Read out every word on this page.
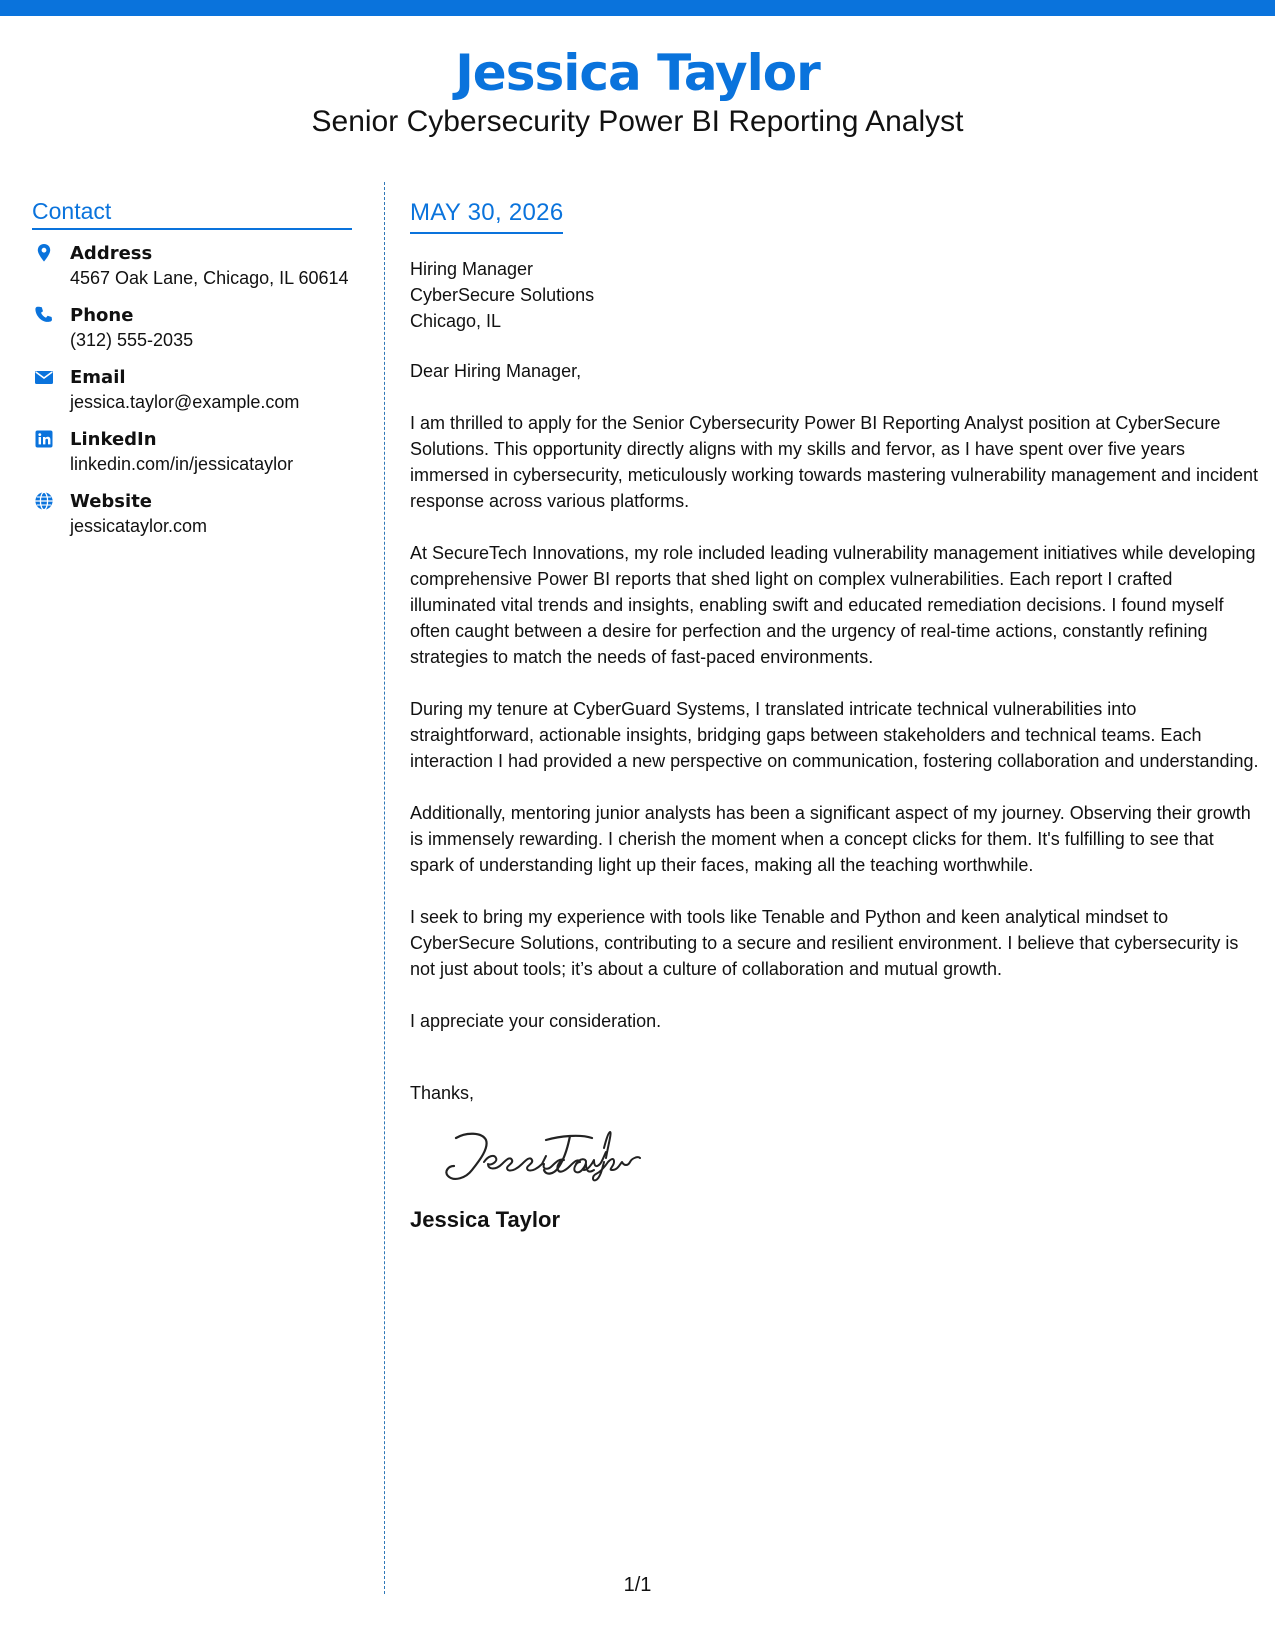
Jessica Taylor
Senior Cybersecurity Power BI Reporting Analyst
Contact
Address
4567 Oak Lane, Chicago, IL 60614
Phone
(312) 555-2035
Email
jessica.taylor@example.com
LinkedIn
linkedin.com/in/jessicataylor
Website
jessicataylor.com
MAY 30, 2026
Hiring Manager
CyberSecure Solutions
Chicago, IL
Dear Hiring Manager,
I am thrilled to apply for the Senior Cybersecurity Power BI Reporting Analyst position at CyberSecure Solutions. This opportunity directly aligns with my skills and fervor, as I have spent over five years immersed in cybersecurity, meticulously working towards mastering vulnerability management and incident response across various platforms.
At SecureTech Innovations, my role included leading vulnerability management initiatives while developing comprehensive Power BI reports that shed light on complex vulnerabilities. Each report I crafted illuminated vital trends and insights, enabling swift and educated remediation decisions. I found myself often caught between a desire for perfection and the urgency of real-time actions, constantly refining strategies to match the needs of fast-paced environments.
During my tenure at CyberGuard Systems, I translated intricate technical vulnerabilities into straightforward, actionable insights, bridging gaps between stakeholders and technical teams. Each interaction I had provided a new perspective on communication, fostering collaboration and understanding.
Additionally, mentoring junior analysts has been a significant aspect of my journey. Observing their growth is immensely rewarding. I cherish the moment when a concept clicks for them. It's fulfilling to see that spark of understanding light up their faces, making all the teaching worthwhile.
I seek to bring my experience with tools like Tenable and Python and keen analytical mindset to CyberSecure Solutions, contributing to a secure and resilient environment. I believe that cybersecurity is not just about tools; it’s about a culture of collaboration and mutual growth.
I appreciate your consideration.
Thanks,
Jessica Taylor
1/1
